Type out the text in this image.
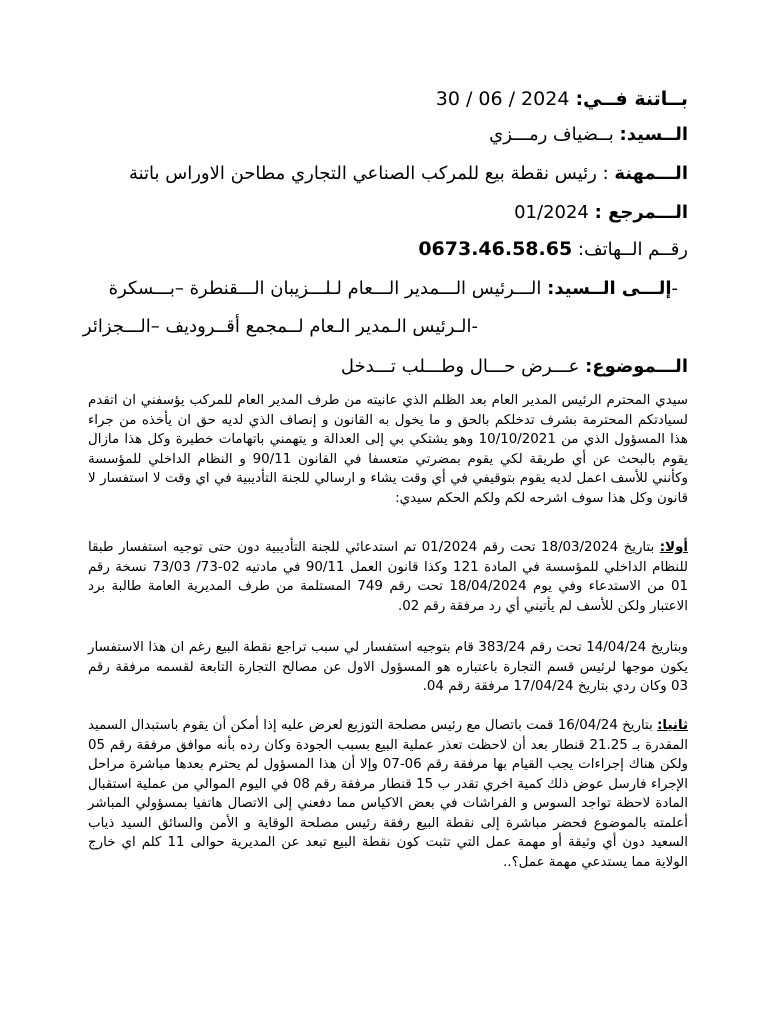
بــاتنة فــي: 30 / 06 / 2024
الــسيد: بــضياف رمـــزي
الـــمهنة : رئيس نقطة بيع للمركب الصناعي التجاري مطاحن الاوراس باتنة
الـــمرجع : 01/2024
رقــم الــهاتف: 0673.46.58.65
-إلـــى الــسيد: الـــرئيس الـــمدير الـــعام لـلـــزيبان الـــقنطرة –بـــسكرة
-الـرئيس الـمدير الـعام لــمجمع أقــروديف –الـــجزائر
الـــموضوع: عـــرض حـــال وطـــلب تـــدخل
سيدي المحترم الرئيس المدير العام بعد الظلم الذي عانيته من طرف المدير العام للمركب يؤسفني ان اتقدم لسيادتكم المحترمة بشرف تدخلكم بالحق و ما يخول به القانون و إنصاف الذي لديه حق ان يأخذه من جراء هذا المسؤول الذي من 10/10/2021 وهو يشتكي بي إلى العدالة و يتهمني باتهامات خطيرة وكل هذا مازال يقوم بالبحث عن أي طريقة لكي يقوم بمضرتي متعسفا في القانون 90/11 و النظام الداخلي للمؤسسة وكأنني للأسف اعمل لديه يقوم بتوقيفي في أي وقت يشاء و ارسالي للجنة التأديبية في اي وقت لا استفسار لا قانون وكل هذا سوف اشرحه لكم ولكم الحكم سيدي:
أولا: بتاريخ 18/03/2024 تحت رقم 01/2024 تم استدعائي للجنة التأديبية دون حتى توجيه استفسار طبقا للنظام الداخلي للمؤسسة في المادة 121 وكذا قانون العمل 90/11 في مادتيه 02-73/ 73/03 نسخة رقم 01 من الاستدعاء وفي يوم 18/04/2024 تحت رقم 749 المستلمة من طرف المديرية العامة طالبة برد الاعتبار ولكن للأسف لم يأتيني أي رد مرفقة رقم 02.
وبتاريخ 14/04/24 تحت رقم 383/24 قام بتوجيه استفسار لي سبب تراجع نقطة البيع رغم ان هذا الاستفسار يكون موجها لرئيس قسم التجارة باعتباره هو المسؤول الاول عن مصالح التجارة التابعة لقسمه مرفقة رقم 03 وكان ردي بتاريخ 17/04/24 مرفقة رقم 04.
ثانيا: بتاريخ 16/04/24 قمت باتصال مع رئيس مصلحة التوزيع لعرض عليه إذا أمكن أن يقوم باستبدال السميد المقدرة بـ 21.25 قنطار بعد أن لاحظت تعذر عملية البيع بسبب الجودة وكان رده بأنه موافق مرفقة رقم 05 ولكن هناك إجراءات يجب القيام بها مرفقة رقم 06-07 وإلا أن هذا المسؤول لم يحترم بعدها مباشرة مراحل الإجراء فارسل عوض ذلك كمية اخري تقدر ب 15 قنطار مرفقة رقم 08 في اليوم الموالي من عملية استقبال المادة لاحظة تواجد السوس و الفراشات في بعض الاكياس مما دفعني إلى الاتصال هاتفيا بمسؤولي المباشر أعلمته بالموضوع فحضر مباشرة إلى نقطة البيع رفقة رئيس مصلحة الوقاية و الأمن والسائق السيد ذياب السعيد دون أي وثيقة أو مهمة عمل التي تثبت كون نقطة البيع تبعد عن المديرية حوالى 11 كلم اي خارج الولاية مما يستدعي مهمة عمل؟..
